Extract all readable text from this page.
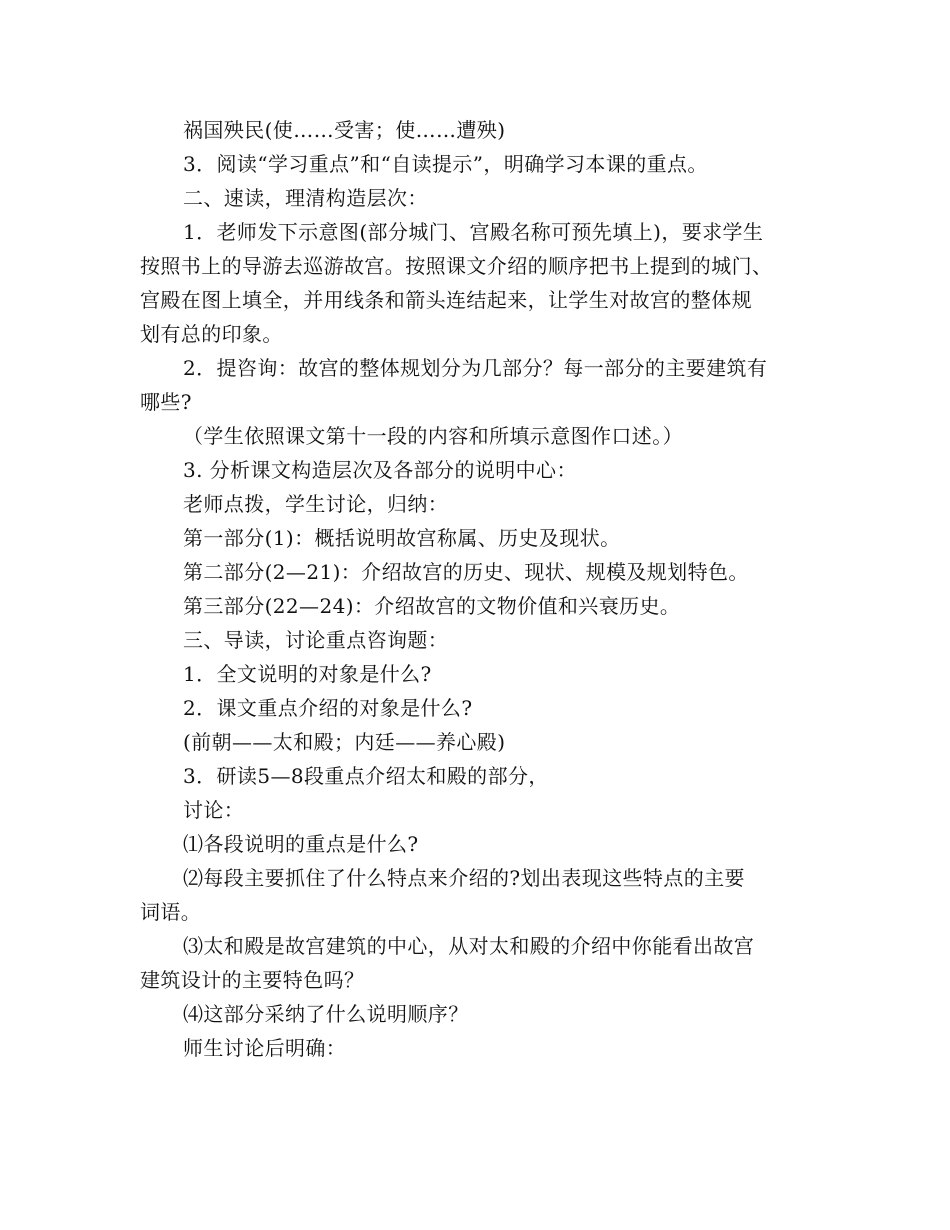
祸国殃民(使……受害；使……遭殃)
3．阅读“学习重点”和“自读提示”，明确学习本课的重点。
二、速读，理清构造层次：
1．老师发下示意图(部分城门、宫殿名称可预先填上)，要求学生
按照书上的导游去巡游故宫。按照课文介绍的顺序把书上提到的城门、
宫殿在图上填全，并用线条和箭头连结起来，让学生对故宫的整体规
划有总的印象。
2．提咨询：故宫的整体规划分为几部分？每一部分的主要建筑有
哪些?
（学生依照课文第十一段的内容和所填示意图作口述。）
3. 分析课文构造层次及各部分的说明中心：
老师点拨，学生讨论，归纳：
第一部分(1)：概括说明故宫称属、历史及现状。
第二部分(2—21)：介绍故宫的历史、现状、规模及规划特色。
第三部分(22—24)：介绍故宫的文物价值和兴衰历史。
三、导读，讨论重点咨询题：
1．全文说明的对象是什么?
2．课文重点介绍的对象是什么?
(前朝——太和殿；内廷——养心殿)
3．研读5—8段重点介绍太和殿的部分，
讨论：
⑴各段说明的重点是什么?
⑵每段主要抓住了什么特点来介绍的?划出表现这些特点的主要
词语。
⑶太和殿是故宫建筑的中心，从对太和殿的介绍中你能看出故宫
建筑设计的主要特色吗？
⑷这部分采纳了什么说明顺序？
师生讨论后明确：
